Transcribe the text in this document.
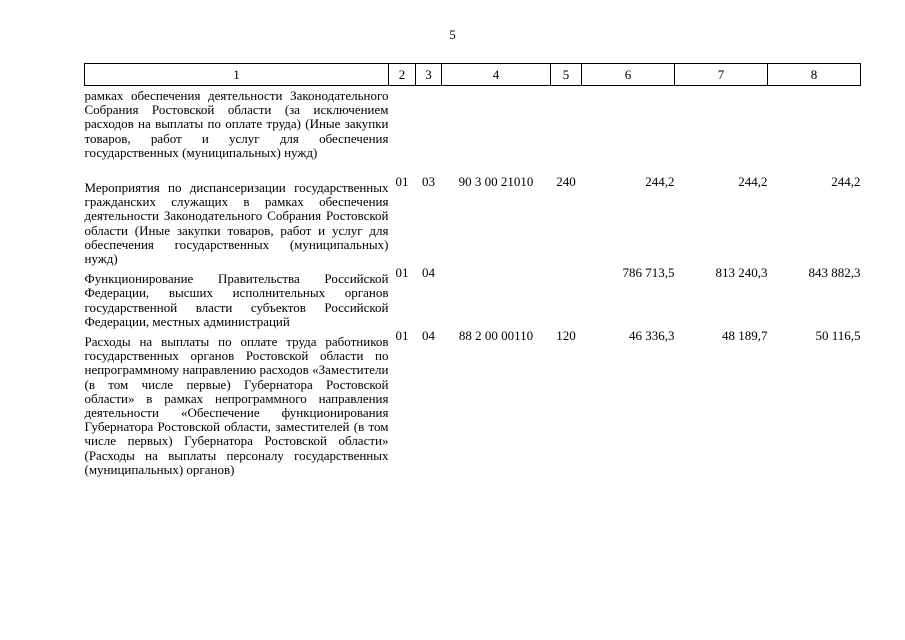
5
1	2	3	4	5	6	7	8
рамках обеспечения деятельности Законодательного Собрания Ростовской области (за исключением расходов на выплаты по оплате труда) (Иные закупки товаров, работ и услуг для обеспечения государственных (муниципальных) нужд)							
Мероприятия по диспансеризации государственных гражданских служащих в рамках обеспечения деятельности Законодательного Собрания Ростовской области (Иные закупки товаров, работ и услуг для обеспечения государственных (муниципальных) нужд)	01	03	90 3 00 21010	240	244,2	244,2	244,2
Функционирование Правительства Российской Федерации, высших исполнительных органов государственной власти субъектов Российской Федерации, местных администраций	01	04			786 713,5	813 240,3	843 882,3
Расходы на выплаты по оплате труда работников государственных органов Ростовской области по непрограммному направлению расходов «Заместители (в том числе первые) Губернатора Ростовской области» в рамках непрограммного направления деятельности «Обеспечение функционирования Губернатора Ростовской области, заместителей (в том числе первых) Губернатора Ростовской области» (Расходы на выплаты персоналу государственных (муниципальных) органов)	01	04	88 2 00 00110	120	46 336,3	48 189,7	50 116,5
